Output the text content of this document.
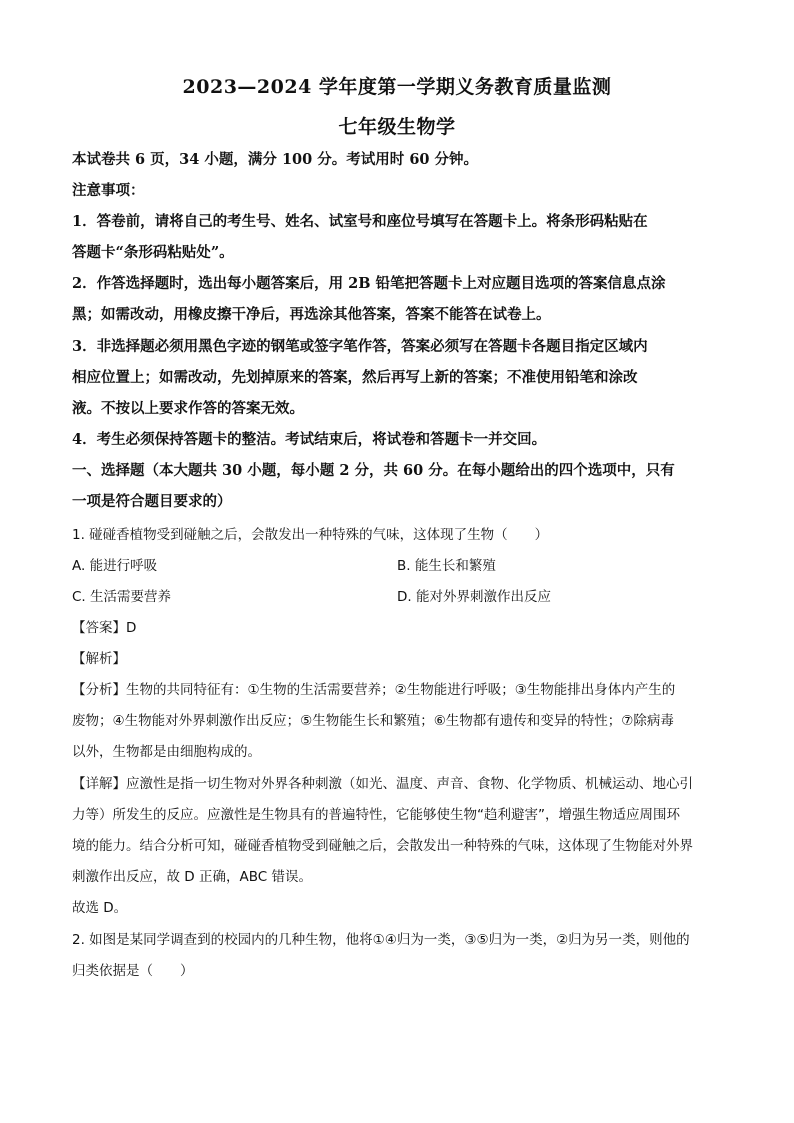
2023—2024 学年度第一学期义务教育质量监测
七年级生物学
本试卷共 6 页，34 小题，满分 100 分。考试用时 60 分钟。
注意事项：
1．答卷前，请将自己的考生号、姓名、试室号和座位号填写在答题卡上。将条形码粘贴在
答题卡“条形码粘贴处”。
2．作答选择题时，选出每小题答案后，用 2B 铅笔把答题卡上对应题目选项的答案信息点涂
黑；如需改动，用橡皮擦干净后，再选涂其他答案，答案不能答在试卷上。
3．非选择题必须用黑色字迹的钢笔或签字笔作答，答案必须写在答题卡各题目指定区域内
相应位置上；如需改动，先划掉原来的答案，然后再写上新的答案；不准使用铅笔和涂改
液。不按以上要求作答的答案无效。
4．考生必须保持答题卡的整洁。考试结束后，将试卷和答题卡一并交回。
一、选择题（本大题共 30 小题，每小题 2 分，共 60 分。在每小题给出的四个选项中，只有
一项是符合题目要求的）
1. 碰碰香植物受到碰触之后，会散发出一种特殊的气味，这体现了生物（　　）
A. 能进行呼吸	B. 能生长和繁殖
C. 生活需要营养	D. 能对外界刺激作出反应
【答案】D
【解析】
【分析】生物的共同特征有：①生物的生活需要营养；②生物能进行呼吸；③生物能排出身体内产生的
废物；④生物能对外界刺激作出反应；⑤生物能生长和繁殖；⑥生物都有遗传和变异的特性；⑦除病毒
以外，生物都是由细胞构成的。
【详解】应激性是指一切生物对外界各种刺激（如光、温度、声音、食物、化学物质、机械运动、地心引
力等）所发生的反应。应激性是生物具有的普遍特性，它能够使生物“趋利避害”，增强生物适应周围环
境的能力。结合分析可知，碰碰香植物受到碰触之后，会散发出一种特殊的气味，这体现了生物能对外界
刺激作出反应，故 D 正确，ABC 错误。
故选 D。
2. 如图是某同学调查到的校园内的几种生物，他将①④归为一类，③⑤归为一类，②归为另一类，则他的
归类依据是（　　）
